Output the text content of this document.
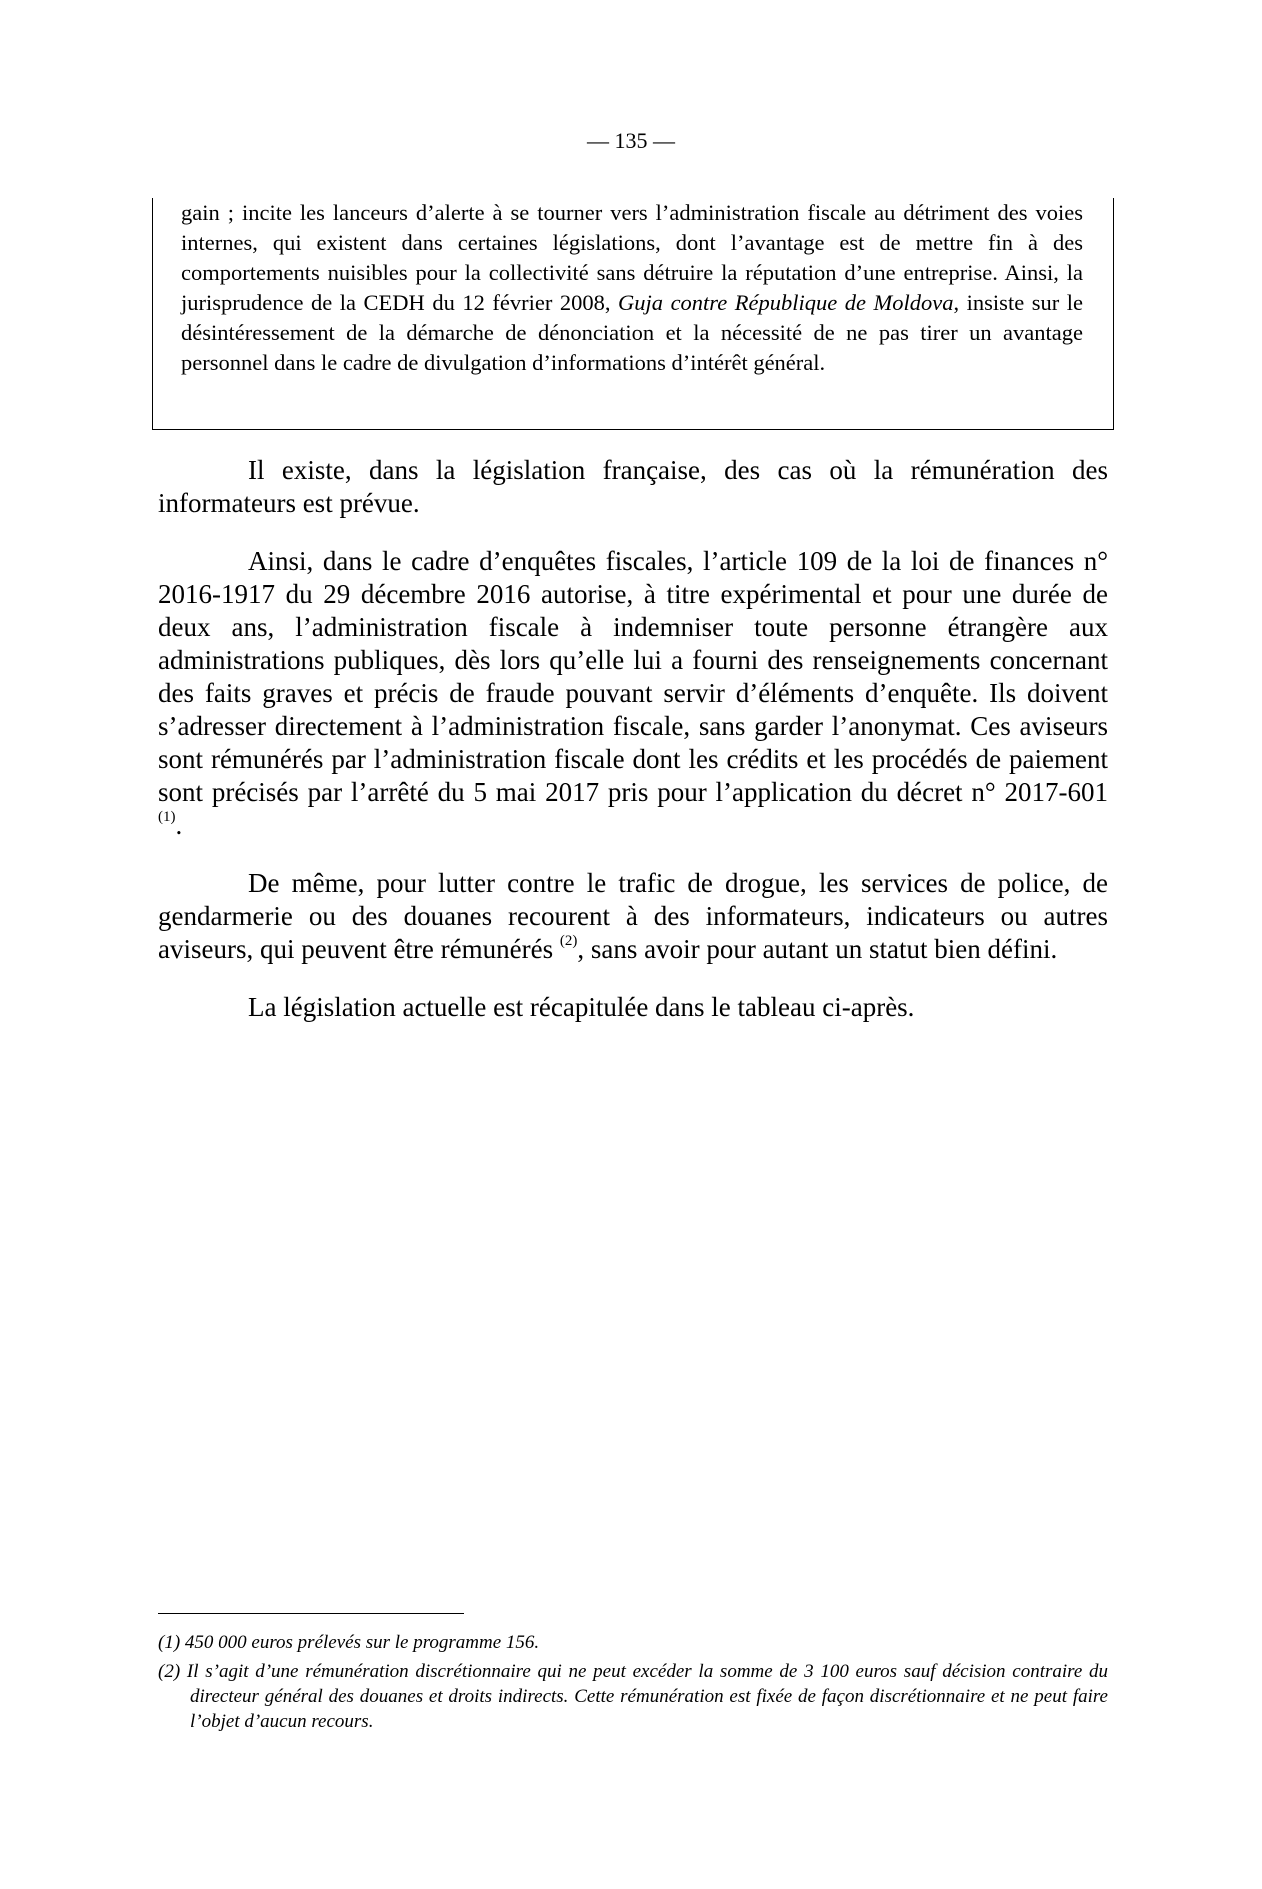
— 135 —

gain ; incite les lanceurs d’alerte à se tourner vers l’administration fiscale au détriment des voies internes, qui existent dans certaines législations, dont l’avantage est de mettre fin à des comportements nuisibles pour la collectivité sans détruire la réputation d’une entreprise. Ainsi, la jurisprudence de la CEDH du 12 février 2008, Guja contre République de Moldova, insiste sur le désintéressement de la démarche de dénonciation et la nécessité de ne pas tirer un avantage personnel dans le cadre de divulgation d’informations d’intérêt général.

Il existe, dans la législation française, des cas où la rémunération des informateurs est prévue.

Ainsi, dans le cadre d’enquêtes fiscales, l’article 109 de la loi de finances n° 2016-1917 du 29 décembre 2016 autorise, à titre expérimental et pour une durée de deux ans, l’administration fiscale à indemniser toute personne étrangère aux administrations publiques, dès lors qu’elle lui a fourni des renseignements concernant des faits graves et précis de fraude pouvant servir d’éléments d’enquête. Ils doivent s’adresser directement à l’administration fiscale, sans garder l’anonymat. Ces aviseurs sont rémunérés par l’administration fiscale dont les crédits et les procédés de paiement sont précisés par l’arrêté du 5 mai 2017 pris pour l’application du décret n° 2017-601 $^{(1)}$.

De même, pour lutter contre le trafic de drogue, les services de police, de gendarmerie ou des douanes recourent à des informateurs, indicateurs ou autres aviseurs, qui peuvent être rémunérés $^{(2)}$, sans avoir pour autant un statut bien défini.

La législation actuelle est récapitulée dans le tableau ci-après.

(1) 450 000 euros prélevés sur le programme 156.

(2) Il s’agit d’une rémunération discrétionnaire qui ne peut excéder la somme de 3 100 euros sauf décision contraire du directeur général des douanes et droits indirects. Cette rémunération est fixée de façon discrétionnaire et ne peut faire l’objet d’aucun recours.
